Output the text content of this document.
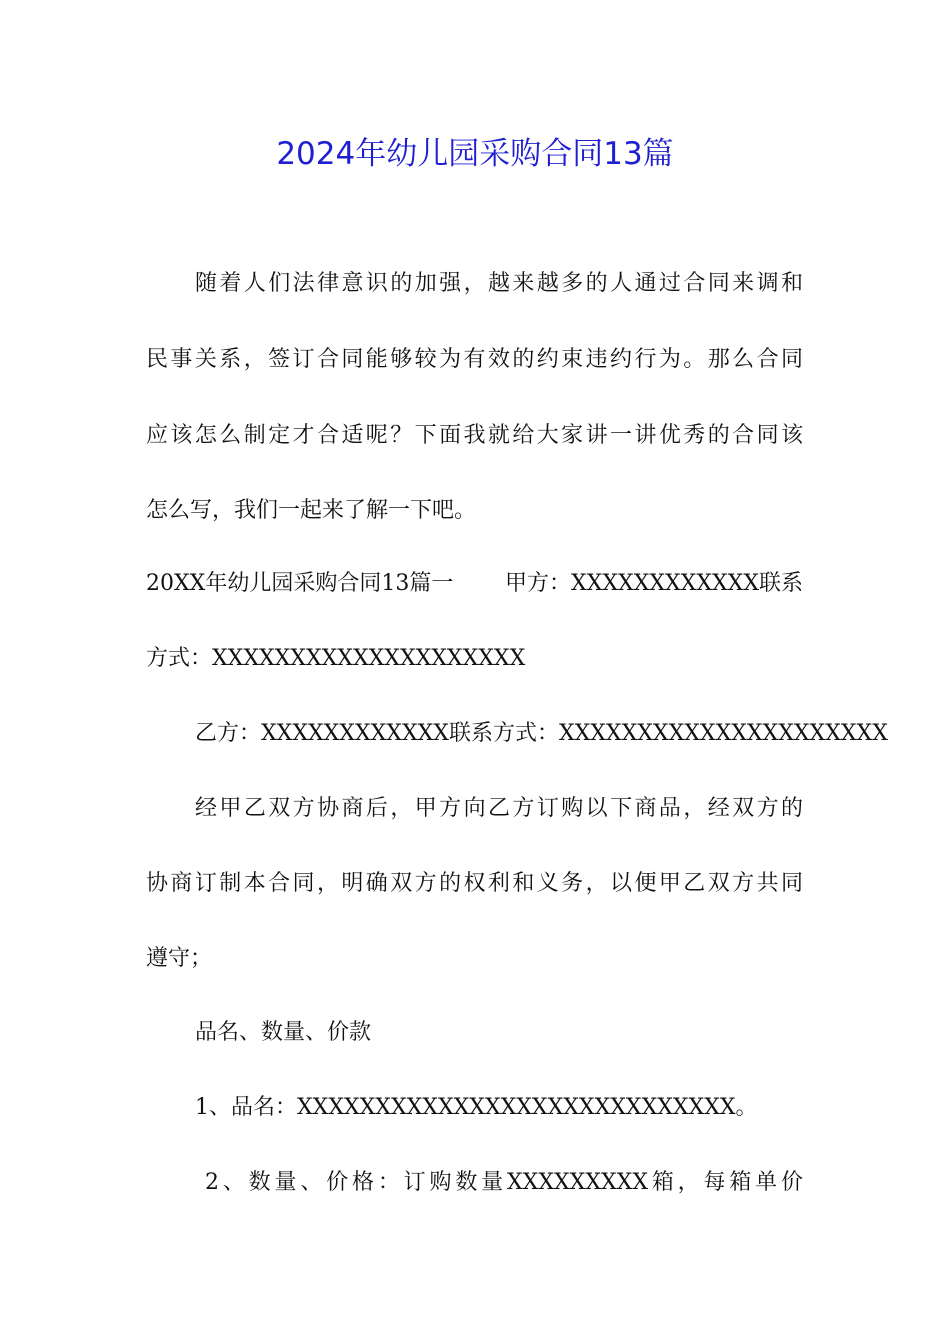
2024年幼儿园采购合同13篇

随着人们法律意识的加强，越来越多的人通过合同来调和

民事关系，签订合同能够较为有效的约束违约行为。那么合同

应该怎么制定才合适呢？下面我就给大家讲一讲优秀的合同该

怎么写，我们一起来了解一下吧。

20XX年幼儿园采购合同13篇一 甲方：XXXXXXXXXXXX联系

方式：XXXXXXXXXXXXXXXXXXXX

乙方：XXXXXXXXXXXX联系方式：XXXXXXXXXXXXXXXXXXXXX

经甲乙双方协商后，甲方向乙方订购以下商品，经双方的

协商订制本合同，明确双方的权利和义务，以便甲乙双方共同

遵守；

品名、数量、价款

1、品名：XXXXXXXXXXXXXXXXXXXXXXXXXXXX。

2、数量、价格：订购数量XXXXXXXXX箱，每箱单价
